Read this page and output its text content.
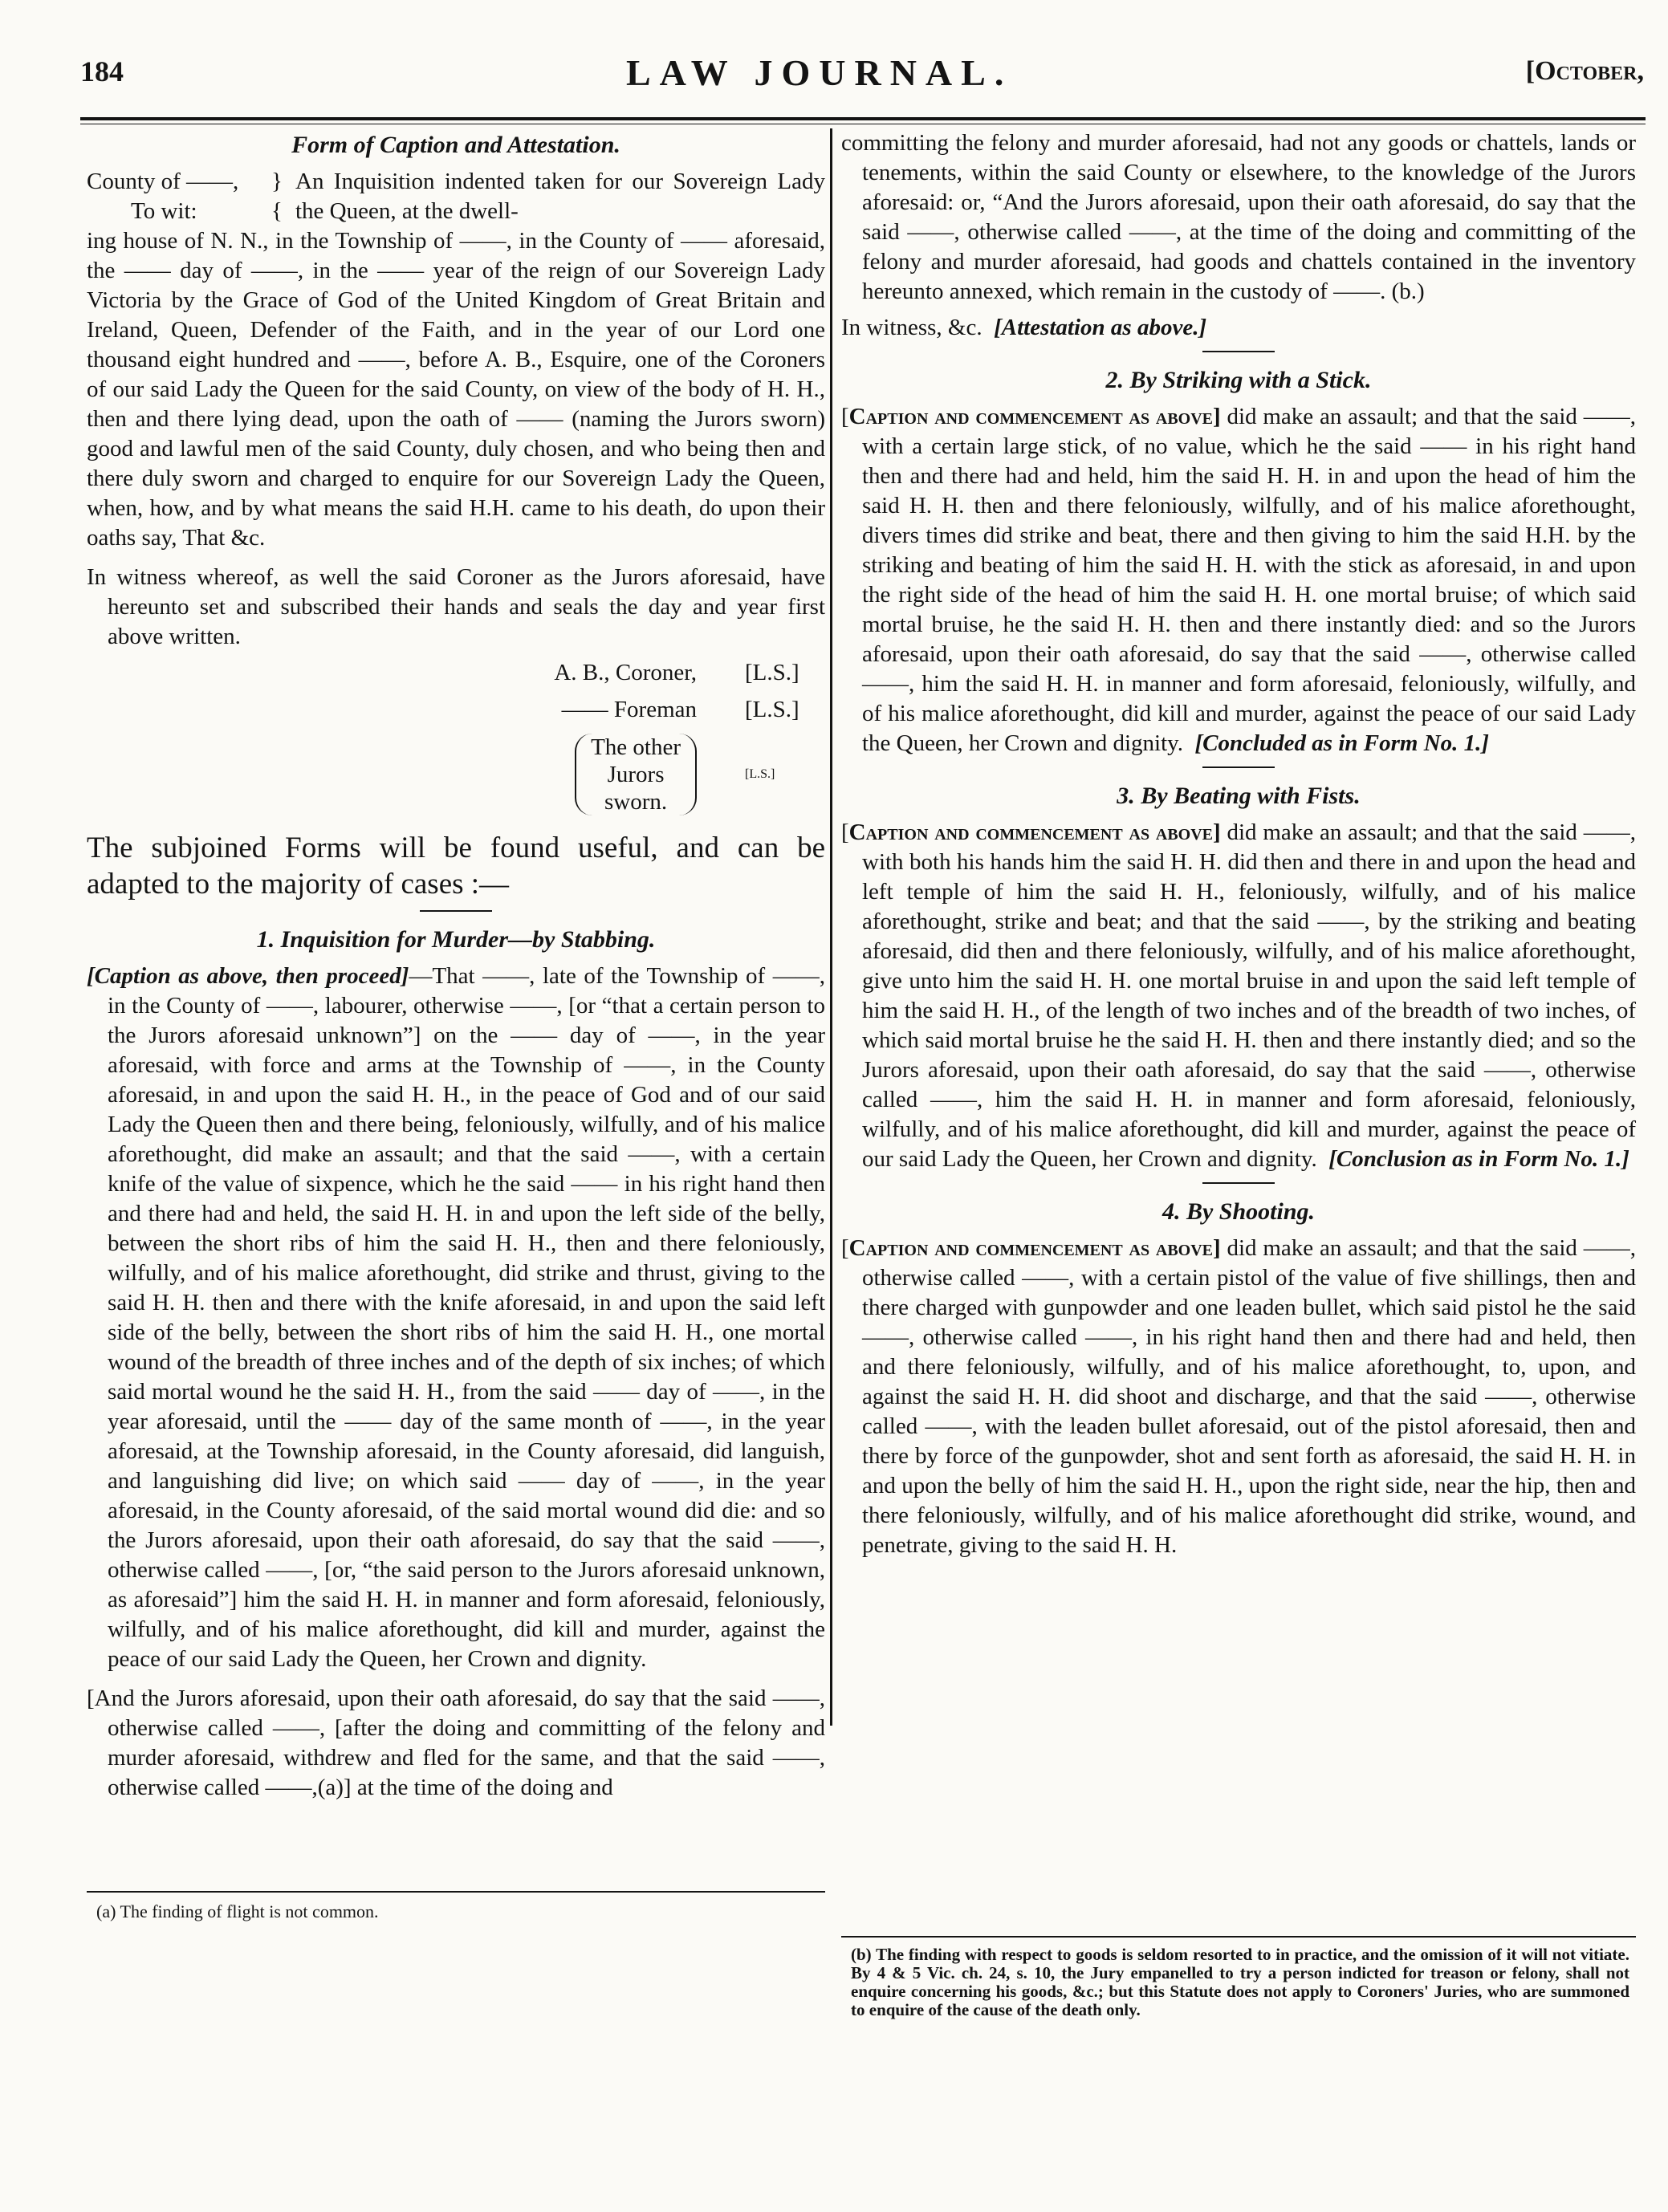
184	LAW JOURNAL.	[October,
Form of Caption and Attestation.
County of ——,
To wit:
}
{
An Inquisition indented taken for our Sovereign Lady the Queen, at the dwell-

ing house of N. N., in the Township of ——, in the County of —— aforesaid, the —— day of ——, in the —— year of the reign of our Sovereign Lady Victoria by the Grace of God of the United Kingdom of Great Britain and Ireland, Queen, Defender of the Faith, and in the year of our Lord one thousand eight hundred and ——, before A. B., Esquire, one of the Coroners of our said Lady the Queen for the said County, on view of the body of H. H., then and there lying dead, upon the oath of —— (naming the Jurors sworn) good and lawful men of the said County, duly chosen, and who being then and there duly sworn and charged to enquire for our Sovereign Lady the Queen, when, how, and by what means the said H.H. came to his death, do upon their oaths say, That &c.

In witness whereof, as well the said Coroner as the Jurors aforesaid, have hereunto set and subscribed their hands and seals the day and year first above written.

A. B., Coroner, [L.S.]
—— Foreman [L.S.]
The other
Jurors
sworn.
[L.S.]

The subjoined Forms will be found useful, and can be adapted to the majority of cases :—

1. Inquisition for Murder—by Stabbing.

[Caption as above, then proceed]—That ——, late of the Township of ——, in the County of ——, labourer, otherwise ——, [or “that a certain person to the Jurors aforesaid unknown”] on the —— day of ——, in the year aforesaid, with force and arms at the Township of ——, in the County aforesaid, in and upon the said H. H., in the peace of God and of our said Lady the Queen then and there being, feloniously, wilfully, and of his malice aforethought, did make an assault; and that the said ——, with a certain knife of the value of sixpence, which he the said —— in his right hand then and there had and held, the said H. H. in and upon the left side of the belly, between the short ribs of him the said H. H., then and there feloniously, wilfully, and of his malice aforethought, did strike and thrust, giving to the said H. H. then and there with the knife aforesaid, in and upon the said left side of the belly, between the short ribs of him the said H. H., one mortal wound of the breadth of three inches and of the depth of six inches; of which said mortal wound he the said H. H., from the said —— day of ——, in the year aforesaid, until the —— day of the same month of ——, in the year aforesaid, at the Township aforesaid, in the County aforesaid, did languish, and languishing did live; on which said —— day of ——, in the year aforesaid, in the County aforesaid, of the said mortal wound did die: and so the Jurors aforesaid, upon their oath aforesaid, do say that the said ——, otherwise called ——, [or, “the said person to the Jurors aforesaid unknown, as aforesaid”] him the said H. H. in manner and form aforesaid, feloniously, wilfully, and of his malice aforethought, did kill and murder, against the peace of our said Lady the Queen, her Crown and dignity.

[And the Jurors aforesaid, upon their oath aforesaid, do say that the said ——, otherwise called ——, [after the doing and committing of the felony and murder aforesaid, withdrew and fled for the same, and that the said ——, otherwise called ——,(a)] at the time of the doing and

(a) The finding of flight is not common.

committing the felony and murder aforesaid, had not any goods or chattels, lands or tenements, within the said County or elsewhere, to the knowledge of the Jurors aforesaid: or, “And the Jurors aforesaid, upon their oath aforesaid, do say that the said ——, otherwise called ——, at the time of the doing and committing of the felony and murder aforesaid, had goods and chattels contained in the inventory hereunto annexed, which remain in the custody of ——. (b.)

In witness, &c. [Attestation as above.]

2. By Striking with a Stick.

[Caption and commencement as above] did make an assault; and that the said ——, with a certain large stick, of no value, which he the said —— in his right hand then and there had and held, him the said H. H. in and upon the head of him the said H. H. then and there feloniously, wilfully, and of his malice aforethought, divers times did strike and beat, there and then giving to him the said H.H. by the striking and beating of him the said H. H. with the stick as aforesaid, in and upon the right side of the head of him the said H. H. one mortal bruise; of which said mortal bruise, he the said H. H. then and there instantly died: and so the Jurors aforesaid, upon their oath aforesaid, do say that the said ——, otherwise called ——, him the said H. H. in manner and form aforesaid, feloniously, wilfully, and of his malice aforethought, did kill and murder, against the peace of our said Lady the Queen, her Crown and dignity. [Concluded as in Form No. 1.]

3. By Beating with Fists.

[Caption and commencement as above] did make an assault; and that the said ——, with both his hands him the said H. H. did then and there in and upon the head and left temple of him the said H. H., feloniously, wilfully, and of his malice aforethought, strike and beat; and that the said ——, by the striking and beating aforesaid, did then and there feloniously, wilfully, and of his malice aforethought, give unto him the said H. H. one mortal bruise in and upon the said left temple of him the said H. H., of the length of two inches and of the breadth of two inches, of which said mortal bruise he the said H. H. then and there instantly died; and so the Jurors aforesaid, upon their oath aforesaid, do say that the said ——, otherwise called ——, him the said H. H. in manner and form aforesaid, feloniously, wilfully, and of his malice aforethought, did kill and murder, against the peace of our said Lady the Queen, her Crown and dignity. [Conclusion as in Form No. 1.]

4. By Shooting.

[Caption and commencement as above] did make an assault; and that the said ——, otherwise called ——, with a certain pistol of the value of five shillings, then and there charged with gunpowder and one leaden bullet, which said pistol he the said ——, otherwise called ——, in his right hand then and there had and held, then and there feloniously, wilfully, and of his malice aforethought, to, upon, and against the said H. H. did shoot and discharge, and that the said ——, otherwise called ——, with the leaden bullet aforesaid, out of the pistol aforesaid, then and there by force of the gunpowder, shot and sent forth as aforesaid, the said H. H. in and upon the belly of him the said H. H., upon the right side, near the hip, then and there feloniously, wilfully, and of his malice aforethought did strike, wound, and penetrate, giving to the said H. H.

(b) The finding with respect to goods is seldom resorted to in practice, and the omission of it will not vitiate. By 4 & 5 Vic. ch. 24, s. 10, the Jury empanelled to try a person indicted for treason or felony, shall not enquire concerning his goods, &c.; but this Statute does not apply to Coroners' Juries, who are summoned to enquire of the cause of the death only.
